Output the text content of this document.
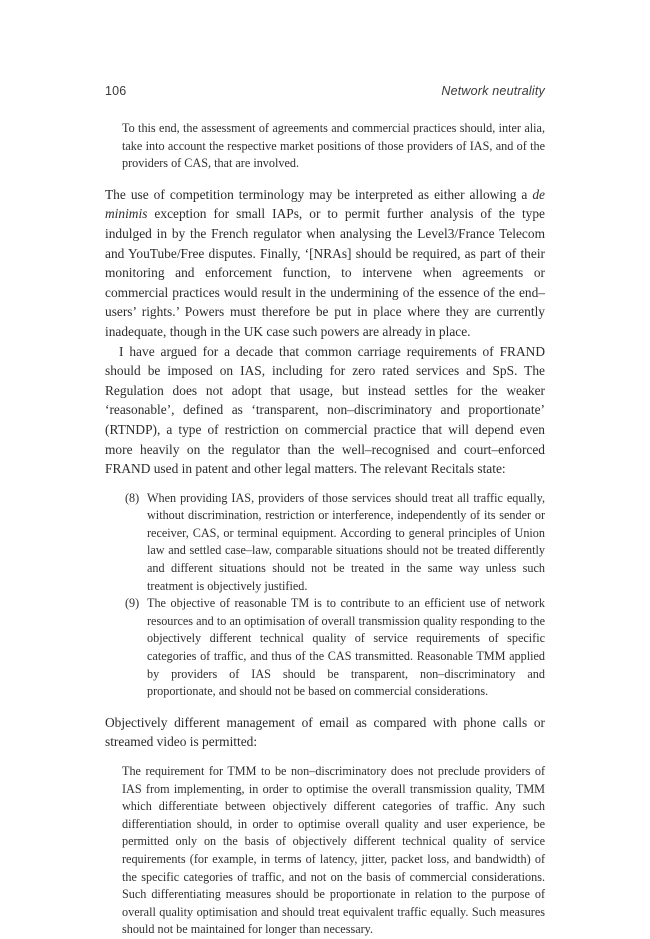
106	Network neutrality

To this end, the assessment of agreements and commercial practices should, inter alia, take into account the respective market positions of those providers of IAS, and of the providers of CAS, that are involved.

The use of competition terminology may be interpreted as either allowing a de minimis exception for small IAPs, or to permit further analysis of the type indulged in by the French regulator when analysing the Level3/France Telecom and YouTube/Free disputes. Finally, ‘[NRAs] should be required, as part of their monitoring and enforcement function, to intervene when agreements or commercial practices would result in the undermining of the essence of the end–users’ rights.’ Powers must therefore be put in place where they are currently inadequate, though in the UK case such powers are already in place.

I have argued for a decade that common carriage requirements of FRAND should be imposed on IAS, including for zero rated services and SpS. The Regulation does not adopt that usage, but instead settles for the weaker ‘reasonable’, defined as ‘transparent, non–discriminatory and proportionate’ (RTNDP), a type of restriction on commercial practice that will depend even more heavily on the regulator than the well–recognised and court–enforced FRAND used in patent and other legal matters. The relevant Recitals state:

(8) When providing IAS, providers of those services should treat all traffic equally, without discrimination, restriction or interference, independently of its sender or receiver, CAS, or terminal equipment. According to general principles of Union law and settled case–law, comparable situations should not be treated differently and different situations should not be treated in the same way unless such treatment is objectively justified.
(9) The objective of reasonable TM is to contribute to an efficient use of network resources and to an optimisation of overall transmission quality responding to the objectively different technical quality of service requirements of specific categories of traffic, and thus of the CAS transmitted. Reasonable TMM applied by providers of IAS should be transparent, non–discriminatory and proportionate, and should not be based on commercial considerations.

Objectively different management of email as compared with phone calls or streamed video is permitted:

The requirement for TMM to be non–discriminatory does not preclude providers of IAS from implementing, in order to optimise the overall transmission quality, TMM which differentiate between objectively different categories of traffic. Any such differentiation should, in order to optimise overall quality and user experience, be permitted only on the basis of objectively different technical quality of service requirements (for example, in terms of latency, jitter, packet loss, and bandwidth) of the specific categories of traffic, and not on the basis of commercial considerations. Such differentiating measures should be proportionate in relation to the purpose of overall quality optimisation and should treat equivalent traffic equally. Such measures should not be maintained for longer than necessary.
